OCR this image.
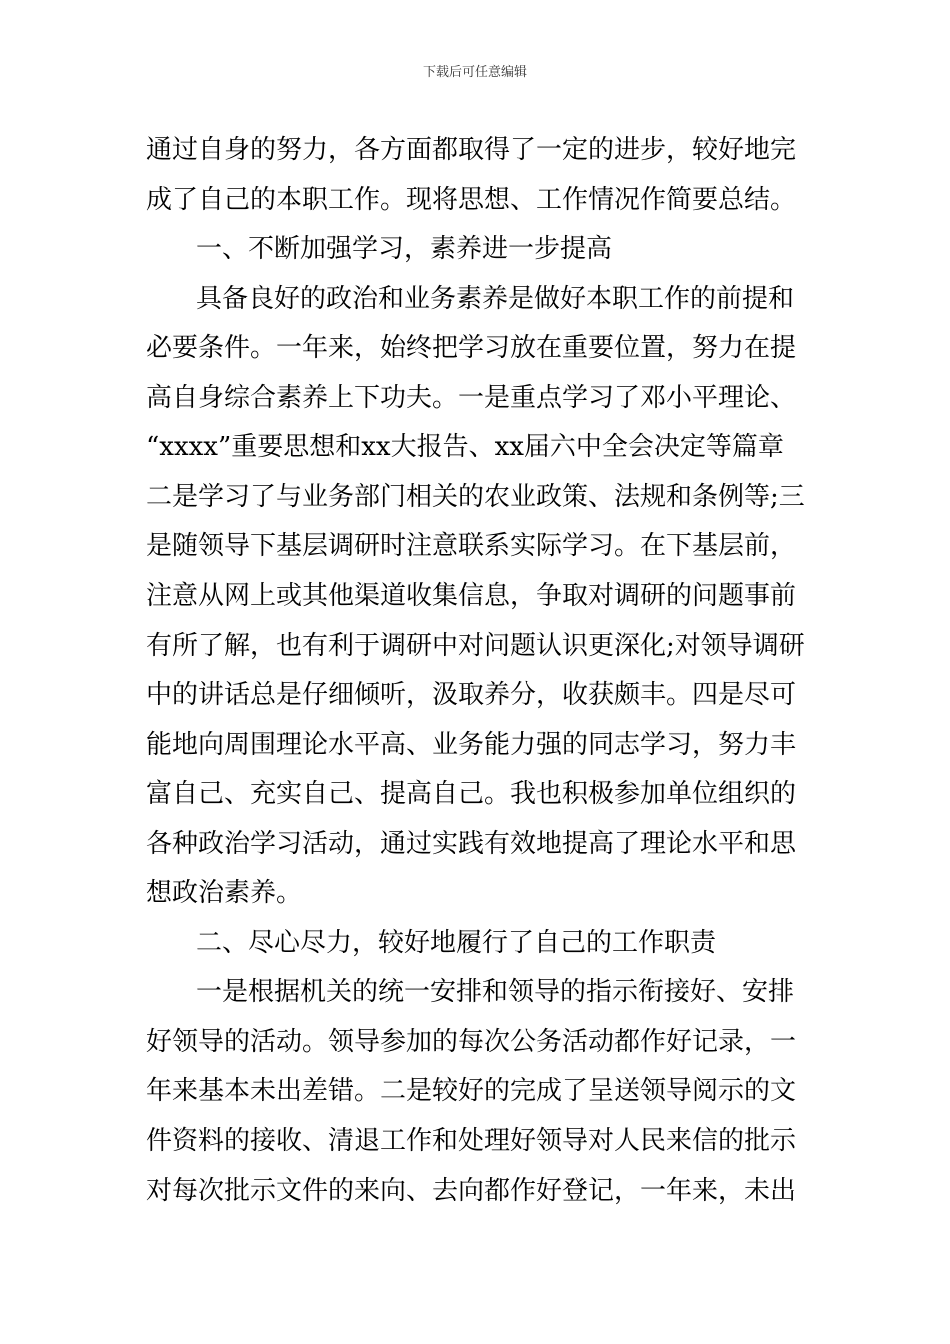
下载后可任意编辑
通过自身的努力，各方面都取得了一定的进步，较好地完
成了自己的本职工作。现将思想、工作情况作简要总结。
一、不断加强学习，素养进一步提高
具备良好的政治和业务素养是做好本职工作的前提和
必要条件。一年来，始终把学习放在重要位置，努力在提
高自身综合素养上下功夫。一是重点学习了邓小平理论、
“xxxx”重要思想和xx大报告、xx届六中全会决定等篇章
二是学习了与业务部门相关的农业政策、法规和条例等;三
是随领导下基层调研时注意联系实际学习。在下基层前，
注意从网上或其他渠道收集信息，争取对调研的问题事前
有所了解，也有利于调研中对问题认识更深化;对领导调研
中的讲话总是仔细倾听，汲取养分，收获颇丰。四是尽可
能地向周围理论水平高、业务能力强的同志学习，努力丰
富自己、充实自己、提高自己。我也积极参加单位组织的
各种政治学习活动，通过实践有效地提高了理论水平和思
想政治素养。
二、尽心尽力，较好地履行了自己的工作职责
一是根据机关的统一安排和领导的指示衔接好、安排
好领导的活动。领导参加的每次公务活动都作好记录，一
年来基本未出差错。二是较好的完成了呈送领导阅示的文
件资料的接收、清退工作和处理好领导对人民来信的批示
对每次批示文件的来向、去向都作好登记，一年来，未出
